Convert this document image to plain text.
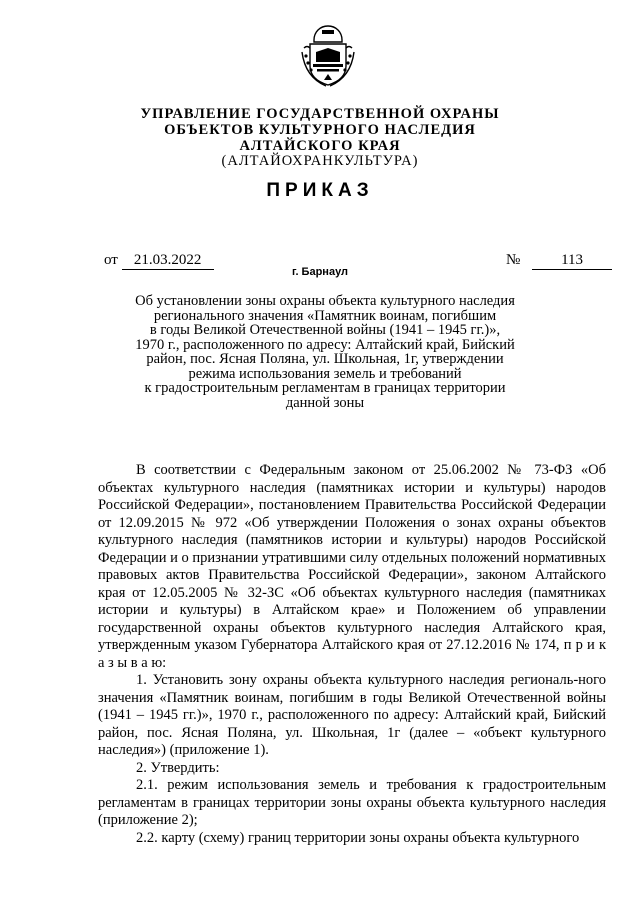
УПРАВЛЕНИЕ ГОСУДАРСТВЕННОЙ ОХРАНЫ
ОБЪЕКТОВ КУЛЬТУРНОГО НАСЛЕДИЯ
АЛТАЙСКОГО КРАЯ
(АЛТАЙОХРАНКУЛЬТУРА)
ПРИКАЗ
от 21.03.2022	№	113
г. Барнаул
Об установлении зоны охраны объекта культурного наследия
регионального значения «Памятник воинам, погибшим
в годы Великой Отечественной войны (1941 – 1945 гг.)»,
1970 г., расположенного по адресу: Алтайский край, Бийский
район, пос. Ясная Поляна, ул. Школьная, 1г, утверждении
режима использования земель и требований
к градостроительным регламентам в границах территории
данной зоны

В соответствии с Федеральным законом от 25.06.2002 № 73-ФЗ «Об объектах культурного наследия (памятниках истории и культуры) народов Российской Федерации», постановлением Правительства Российской Федерации от 12.09.2015 № 972 «Об утверждении Положения о зонах охраны объектов культурного наследия (памятников истории и культуры) народов Российской Федерации и о признании утратившими силу отдельных положений нормативных правовых актов Правительства Российской Федерации», законом Алтайского края от 12.05.2005 № 32-ЗС «Об объектах культурного наследия (памятниках истории и культуры) в Алтайском крае» и Положением об управлении государственной охраны объектов культурного наследия Алтайского края, утвержденным указом Губернатора Алтайского края от 27.12.2016 № 174, п р и к а з ы в а ю:

1. Установить зону охраны объекта культурного наследия региональ-ного значения «Памятник воинам, погибшим в годы Великой Отечественной войны (1941 – 1945 гг.)», 1970 г., расположенного по адресу: Алтайский край, Бийский район, пос. Ясная Поляна, ул. Школьная, 1г (далее – «объект культурного наследия») (приложение 1).

2. Утвердить:

2.1. режим использования земель и требования к градостроительным регламентам в границах территории зоны охраны объекта культурного наследия (приложение 2);

2.2. карту (схему) границ территории зоны охраны объекта культурного
